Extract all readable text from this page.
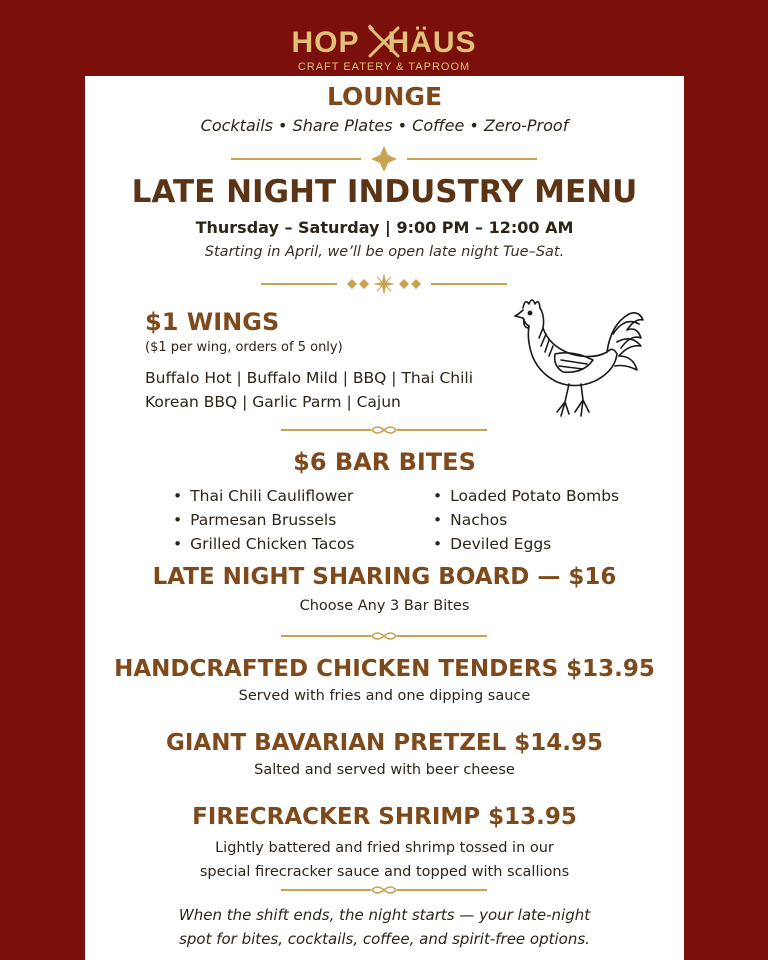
HOP HÄUS
CRAFT EATERY & TAPROOM
LOUNGE
Cocktails • Share Plates • Coffee • Zero-Proof
LATE NIGHT INDUSTRY MENU
Thursday – Saturday | 9:00 PM – 12:00 AM
Starting in April, we’ll be open late night Tue–Sat.
$1 WINGS
($1 per wing, orders of 5 only)
Buffalo Hot | Buffalo Mild | BBQ | Thai Chili
Korean BBQ | Garlic Parm | Cajun
$6 BAR BITES
• Thai Chili Cauliflower
• Parmesan Brussels
• Grilled Chicken Tacos
• Loaded Potato Bombs
• Nachos
• Deviled Eggs
LATE NIGHT SHARING BOARD — $16
Choose Any 3 Bar Bites
HANDCRAFTED CHICKEN TENDERS $13.95
Served with fries and one dipping sauce
GIANT BAVARIAN PRETZEL $14.95
Salted and served with beer cheese
FIRECRACKER SHRIMP $13.95
Lightly battered and fried shrimp tossed in our
special firecracker sauce and topped with scallions
When the shift ends, the night starts — your late-night
spot for bites, cocktails, coffee, and spirit-free options.
